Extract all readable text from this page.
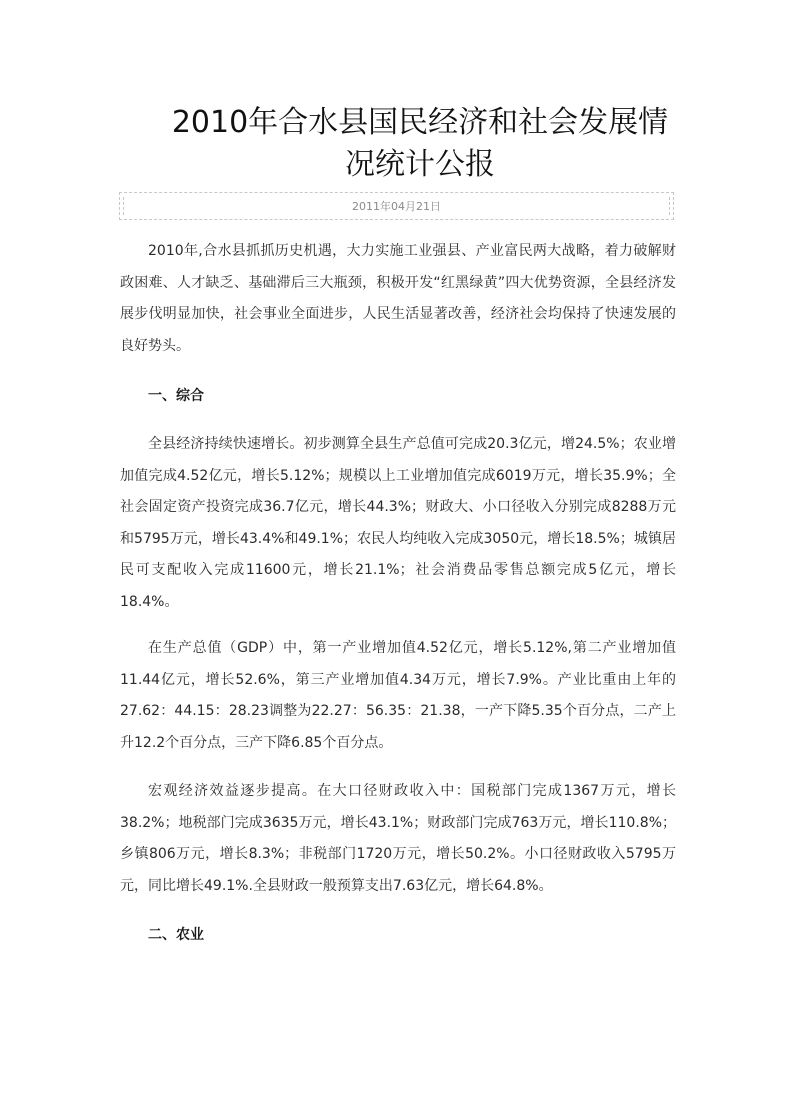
2010年合水县国民经济和社会发展情况统计公报
2011年04月21日

2010年,合水县抓抓历史机遇，大力实施工业强县、产业富民两大战略，着力破解财政困难、人才缺乏、基础滞后三大瓶颈，积极开发“红黑绿黄”四大优势资源，全县经济发展步伐明显加快，社会事业全面进步，人民生活显著改善，经济社会均保持了快速发展的良好势头。

一、综合

全县经济持续快速增长。初步测算全县生产总值可完成20.3亿元，增24.5%；农业增加值完成4.52亿元，增长5.12%；规模以上工业增加值完成6019万元，增长35.9%；全社会固定资产投资完成36.7亿元，增长44.3%；财政大、小口径收入分别完成8288万元和5795万元，增长43.4%和49.1%；农民人均纯收入完成3050元，增长18.5%；城镇居民可支配收入完成11600元，增长21.1%；社会消费品零售总额完成5亿元，增长18.4%。

在生产总值（GDP）中，第一产业增加值4.52亿元，增长5.12%,第二产业增加值11.44亿元，增长52.6%，第三产业增加值4.34万元，增长7.9%。产业比重由上年的27.62：44.15：28.23调整为22.27：56.35：21.38，一产下降5.35个百分点，二产上升12.2个百分点，三产下降6.85个百分点。

宏观经济效益逐步提高。在大口径财政收入中：国税部门完成1367万元，增长38.2%；地税部门完成3635万元，增长43.1%；财政部门完成763万元，增长110.8%；乡镇806万元，增长8.3%；非税部门1720万元，增长50.2%。小口径财政收入5795万元，同比增长49.1%.全县财政一般预算支出7.63亿元，增长64.8%。

二、农业
